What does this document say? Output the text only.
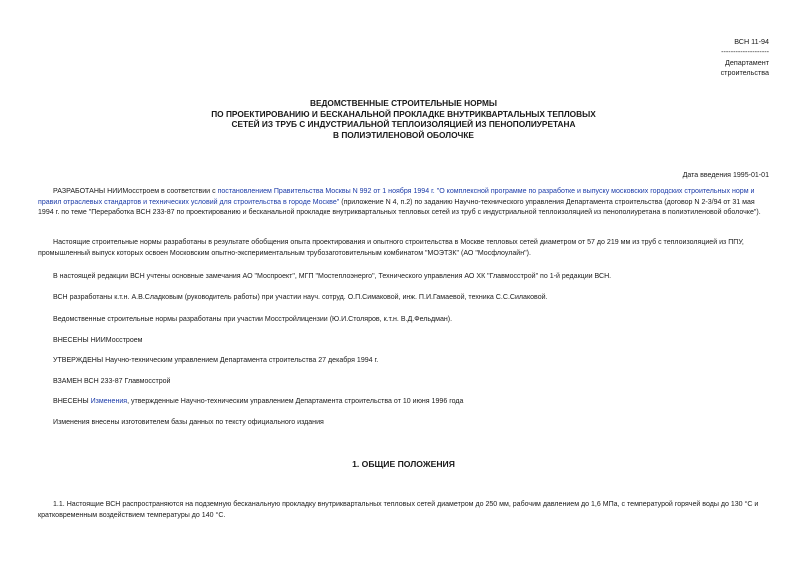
ВСН 11-94
--------------------
Департамент
строительства
ВЕДОМСТВЕННЫЕ СТРОИТЕЛЬНЫЕ НОРМЫ
ПО ПРОЕКТИРОВАНИЮ И БЕСКАНАЛЬНОЙ ПРОКЛАДКЕ ВНУТРИКВАРТАЛЬНЫХ ТЕПЛОВЫХ
СЕТЕЙ ИЗ ТРУБ С ИНДУСТРИАЛЬНОЙ ТЕПЛОИЗОЛЯЦИЕЙ ИЗ ПЕНОПОЛИУРЕТАНА
В ПОЛИЭТИЛЕНОВОЙ ОБОЛОЧКЕ
Дата введения 1995-01-01
РАЗРАБОТАНЫ НИИМосстроем в соответствии с постановлением Правительства Москвы N 992 от 1 ноября 1994 г. "О комплексной программе по разработке и выпуску московских городских строительных норм и правил отраслевых стандартов и технических условий для строительства в городе Москве" (приложение N 4, п.2) по заданию Научно-технического управления Департамента строительства (договор N 2-3/94 от 31 мая 1994 г. по теме "Переработка ВСН 233-87 по проектированию и бесканальной прокладке внутриквартальных тепловых сетей из труб с индустриальной теплоизоляцией из пенополиуретана в полиэтиленовой оболочке").
Настоящие строительные нормы разработаны в результате обобщения опыта проектирования и опытного строительства в Москве тепловых сетей диаметром от 57 до 219 мм из труб с теплоизоляцией из ППУ, промышленный выпуск которых освоен Московским опытно-экспериментальным трубозаготовительным комбинатом "МОЭТЗК" (АО "Мосфлоулайн").
В настоящей редакции ВСН учтены основные замечания АО "Моспроект", МГП "Мостеплоэнерго", Технического управления АО ХК "Главмосстрой" по 1-й редакции ВСН.
ВСН разработаны к.т.н. А.В.Сладковым (руководитель работы) при участии науч. сотруд. О.П.Симаковой, инж. П.И.Гамаевой, техника С.С.Силаковой.
Ведомственные строительные нормы разработаны при участии Мосстройлицензии (Ю.И.Столяров, к.т.н. В.Д.Фельдман).
ВНЕСЕНЫ НИИМосстроем
УТВЕРЖДЕНЫ Научно-техническим управлением Департамента строительства 27 декабря 1994 г.
ВЗАМЕН ВСН 233-87 Главмосстрой
ВНЕСЕНЫ Изменения, утвержденные Научно-техническим управлением Департамента строительства от 10 июня 1996 года
Изменения внесены изготовителем базы данных по тексту официального издания
1. ОБЩИЕ ПОЛОЖЕНИЯ
1.1. Настоящие ВСН распространяются на подземную бесканальную прокладку внутриквартальных тепловых сетей диаметром до 250 мм, рабочим давлением до 1,6 МПа, с температурой горячей воды до 130 °С и кратковременным воздействием температуры до 140 °С.
